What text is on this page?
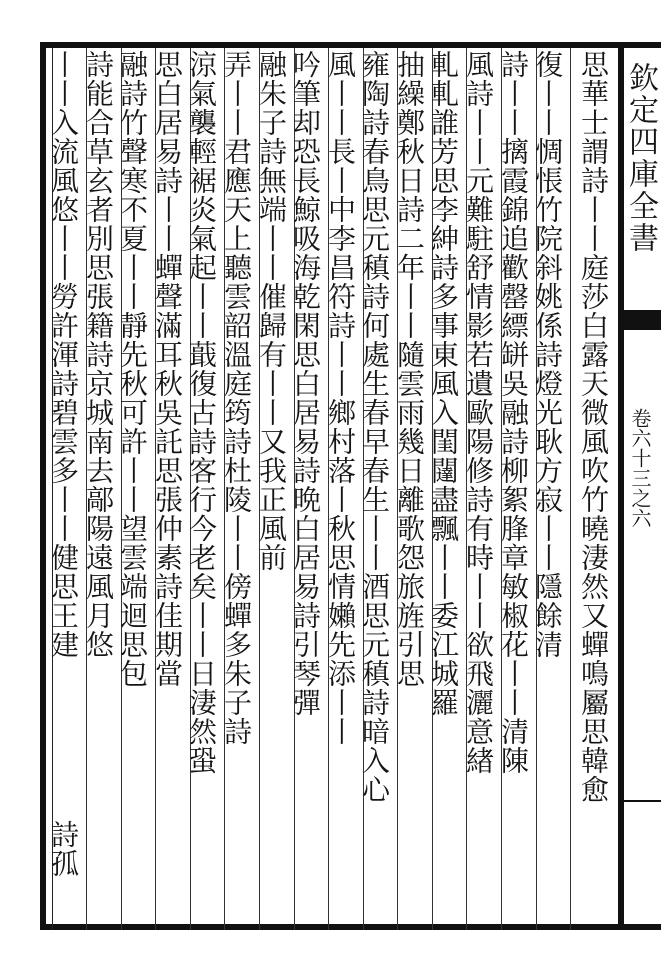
思華士謂詩丨丨庭莎白露天微風吹竹曉淒然又蟬鳴屬思韓愈
復丨丨惆悵竹院斜姚係詩燈光耿方寂丨丨隱餘清
詩丨丨摛霞錦追歡罄縹缾吳融詩柳絮䏺章敏椒花丨丨清陳
風詩丨丨元難駐舒情影若遺歐陽修詩有時丨丨欲飛灑意緖
軋軋誰芳思李紳詩多事東風入閨闥盡飄丨丨委江城羅
抽繰鄭秋日詩二年丨丨隨雲雨幾日離歌怨旅旌引思
雍陶詩春鳥思元稹詩何處生春早春生丨丨酒思元稹詩暗入心
風丨丨長丨中李昌符詩丨丨鄉村落丨秋思情嬾先添丨丨
吟筆却恐長鯨吸海乾閑思白居易詩晩白居易詩引琴彈
融朱子詩無端丨丨催歸有丨丨又我正風前
弄丨丨君應天上聽雲韶溫庭筠詩杜陵丨丨傍蟬多朱子詩
涼氣襲輕裾炎氣起丨丨蕺復古詩客行今老矣丨丨日淒然蛩
思白居易詩丨丨蟬聲滿耳秋吳託思張仲素詩佳期當
融詩竹聲寒不夏丨丨靜先秋可許丨丨望雲端迴思包
詩能合草玄者別思張籍詩京城南去鄗陽遠風月悠
丨丨入流風悠丨丨勞許渾詩碧雲多丨丨健思王建
詩孤
欽定四庫全書
卷六十三之六
